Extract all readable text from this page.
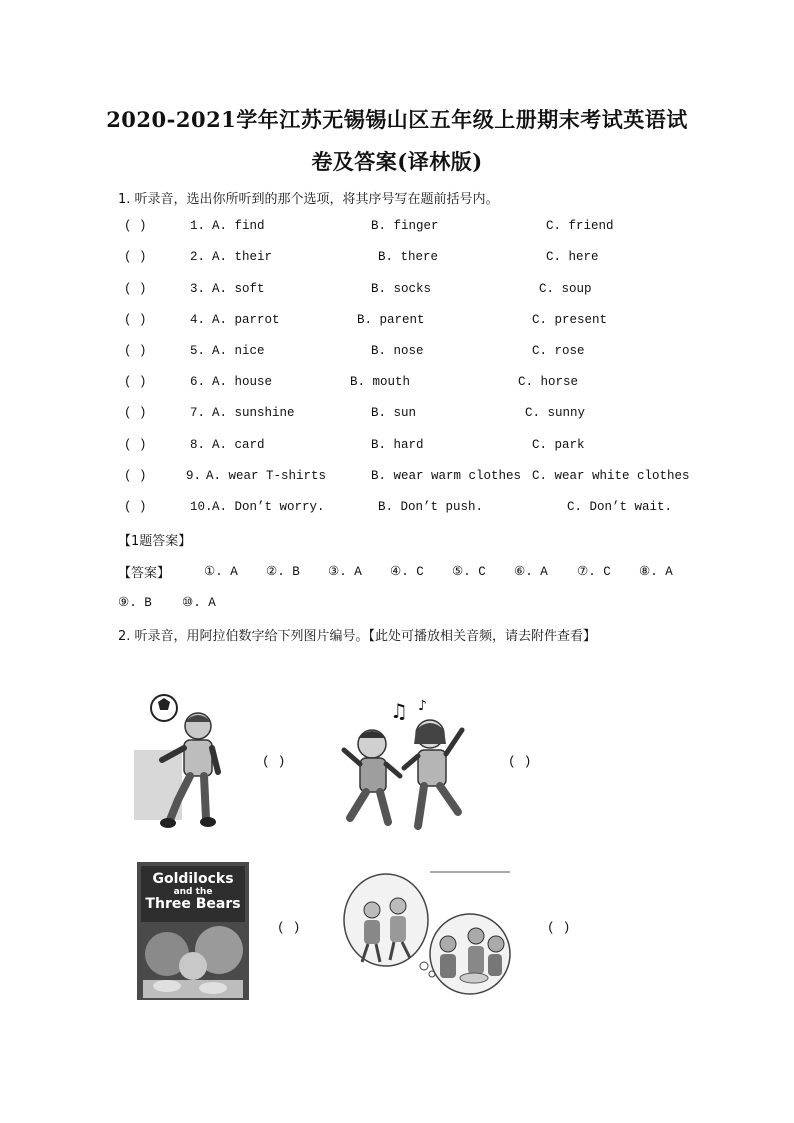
2020-2021学年江苏无锡锡山区五年级上册期末考试英语试
卷及答案(译林版)
1. 听录音，选出你所听到的那个选项，将其序号写在题前括号内。
( )	1. A. find	B. finger	C. friend
( )	2. A. their	B. there	C. here
( )	3. A. soft	B. socks	C. soup
( )	4. A. parrot	B. parent	C. present
( )	5. A. nice	B. nose	C. rose
( )	6. A. house	B. mouth	C. horse
( )	7. A. sunshine	B. sun	C. sunny
( )	8. A. card	B. hard	C. park
( )	9. A. wear T-shirts	B. wear warm clothes C. wear white clothes
( )	10. A. Don’t worry.	B. Don’t push.	C. Don’t wait.
【1题答案】
【答案】	①. A ②. B ③. A ④. C ⑤. C ⑥. A ⑦. C ⑧. A
⑨. B ⑩. A
2. 听录音，用阿拉伯数字给下列图片编号。【此处可播放相关音频，请去附件查看】
( )
♫ ♪
( )
Goldilocks
and the
Three Bears
( )	( )
